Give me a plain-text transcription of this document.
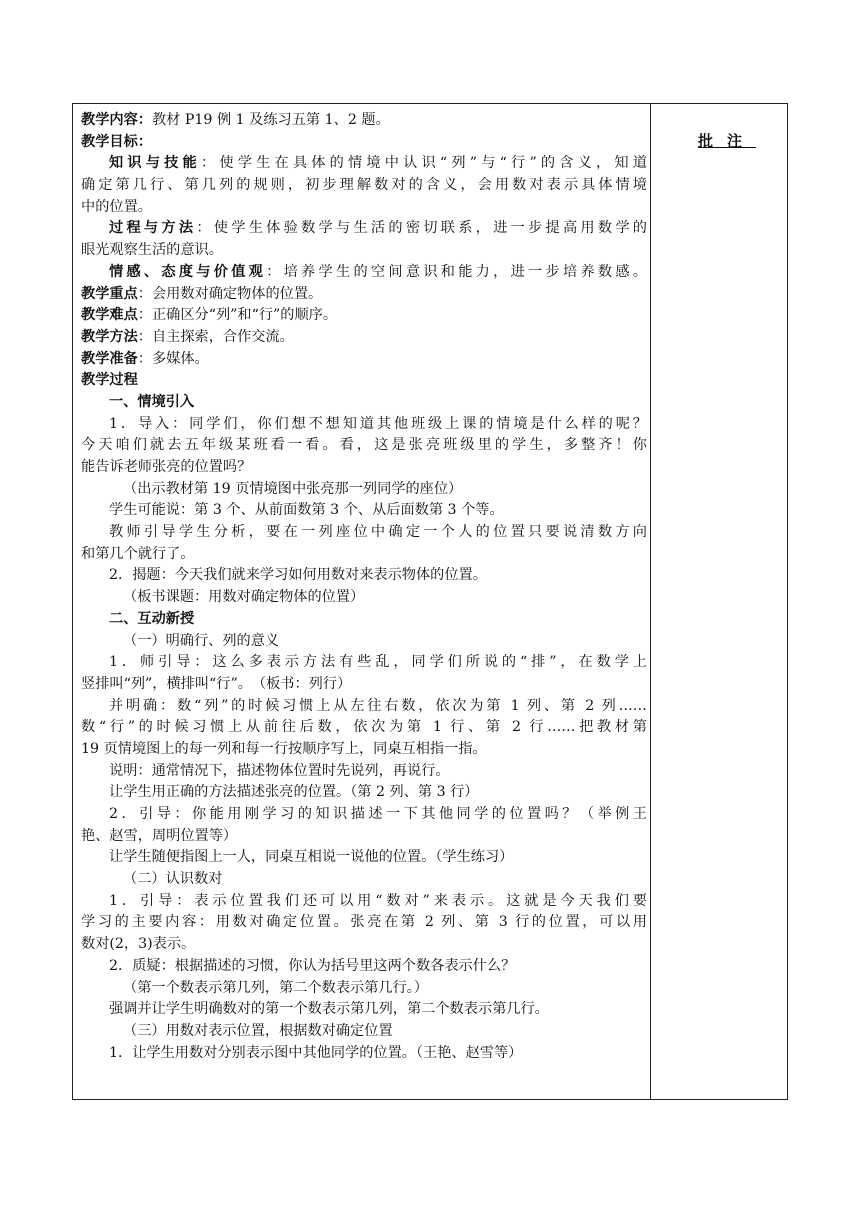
教学内容：教材 P19 例 1 及练习五第 1、2 题。
教学目标：
知识与技能：使学生在具体的情境中认识“列”与“行”的含义，知道
确定第几行、第几列的规则，初步理解数对的含义，会用数对表示具体情境
中的位置。
过程与方法：使学生体验数学与生活的密切联系，进一步提高用数学的
眼光观察生活的意识。
情感、态度与价值观：培养学生的空间意识和能力，进一步培养数感。
教学重点：会用数对确定物体的位置。
教学难点：正确区分“列”和“行”的顺序。
教学方法：自主探索，合作交流。
教学准备：多媒体。
教学过程
一、情境引入
1．导入：同学们，你们想不想知道其他班级上课的情境是什么样的呢？
今天咱们就去五年级某班看一看。看，这是张亮班级里的学生，多整齐！你
能告诉老师张亮的位置吗？
（出示教材第 19 页情境图中张亮那一列同学的座位）
学生可能说：第 3 个、从前面数第 3 个、从后面数第 3 个等。
教师引导学生分析，要在一列座位中确定一个人的位置只要说清数方向
和第几个就行了。
2．揭题：今天我们就来学习如何用数对来表示物体的位置。
（板书课题：用数对确定物体的位置）
二、互动新授
（一）明确行、列的意义
1．师引导：这么多表示方法有些乱，同学们所说的“排”，在数学上
竖排叫“列”，横排叫“行”。　（板书：列行）
并明确：数“列”的时候习惯上从左往右数，依次为第 1 列、第 2 列……
数“行”的时候习惯上从前往后数，依次为第 1 行、第 2 行……把教材第
19 页情境图上的每一列和每一行按顺序写上，同桌互相指一指。
说明：通常情况下，描述物体位置时先说列，再说行。
让学生用正确的方法描述张亮的位置。（第 2 列、第 3 行）
2．引导：你能用刚学习的知识描述一下其他同学的位置吗？（举例王
艳、赵雪，周明位置等）
让学生随便指图上一人，同桌互相说一说他的位置。（学生练习）
（二）认识数对
1．引导：表示位置我们还可以用“数对”来表示。这就是今天我们要
学习的主要内容：用数对确定位置。张亮在第 2 列、第 3 行的位置，可以用
数对(2，3)表示。
2．质疑：根据描述的习惯，你认为括号里这两个数各表示什么？
（第一个数表示第几列，第二个数表示第几行。）
强调并让学生明确数对的第一个数表示第几列，第二个数表示第几行。
（三）用数对表示位置，根据数对确定位置
1．让学生用数对分别表示图中其他同学的位置。（王艳、赵雪等）
批注
